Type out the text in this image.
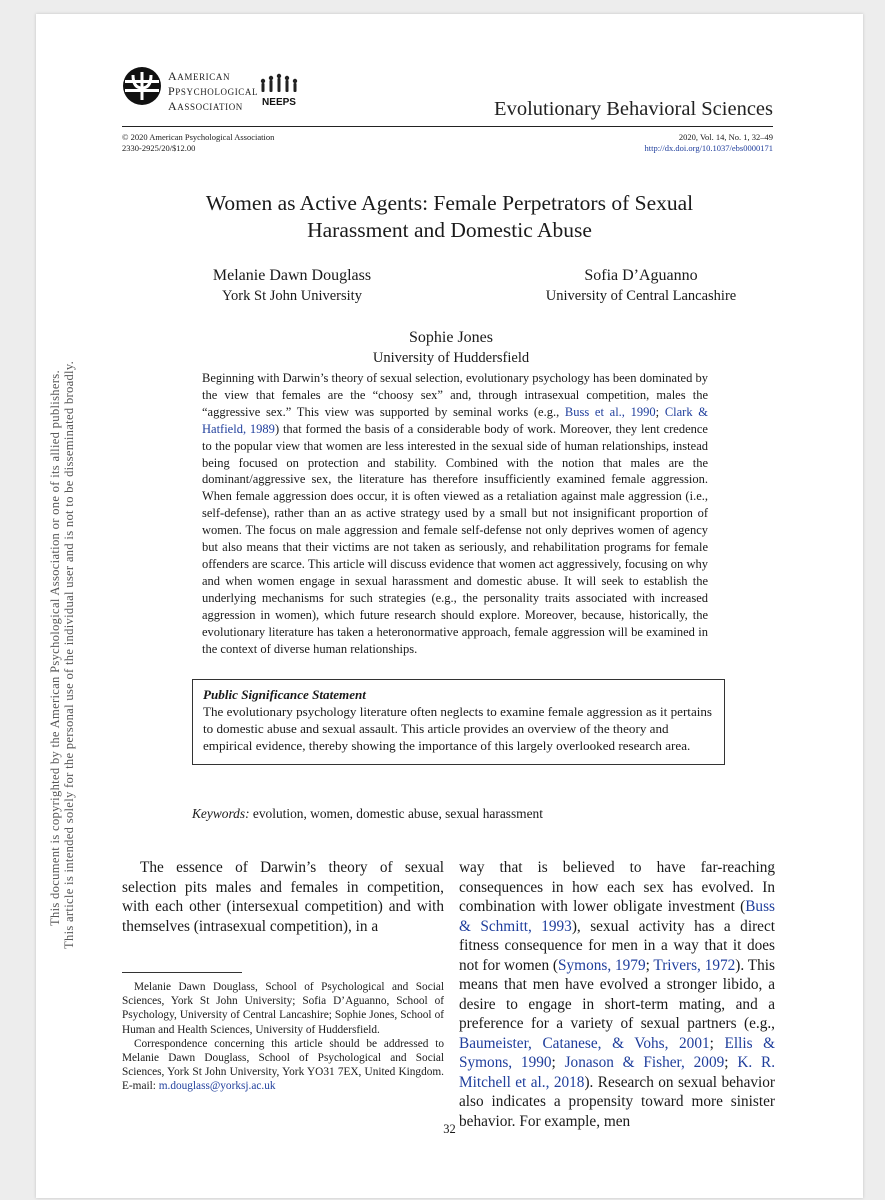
This document is copyrighted by the American Psychological Association or one of its allied publishers. This article is intended solely for the personal use of the individual user and is not to be disseminated broadly.
AAMERICAN
PPSYCHOLOGICAL
AASSOCIATION	NEEPS	Evolutionary Behavioral Sciences
© 2020 American Psychological Association
2330-2925/20/$12.00
2020, Vol. 14, No. 1, 32–49
http://dx.doi.org/10.1037/ebs0000171
Women as Active Agents: Female Perpetrators of Sexual
Harassment and Domestic Abuse
Melanie Dawn Douglass
York St John University
Sofia D’Aguanno
University of Central Lancashire
Sophie Jones
University of Huddersfield
Beginning with Darwin’s theory of sexual selection, evolutionary psychology has been dominated by the view that females are the “choosy sex” and, through intrasexual competition, males the “aggressive sex.” This view was supported by seminal works (e.g., Buss et al., 1990; Clark & Hatfield, 1989) that formed the basis of a considerable body of work. Moreover, they lent credence to the popular view that women are less interested in the sexual side of human relationships, instead being focused on protection and stability. Combined with the notion that males are the dominant/aggressive sex, the literature has therefore insufficiently examined female aggression. When female aggression does occur, it is often viewed as a retaliation against male aggression (i.e., self-defense), rather than an as active strategy used by a small but not insignificant proportion of women. The focus on male aggression and female self-defense not only deprives women of agency but also means that their victims are not taken as seriously, and rehabilitation programs for female offenders are scarce. This article will discuss evidence that women act aggressively, focusing on why and when women engage in sexual harassment and domestic abuse. It will seek to establish the underlying mechanisms for such strategies (e.g., the personality traits associated with increased aggression in women), which future research should explore. Moreover, because, historically, the evolutionary literature has taken a heteronormative approach, female aggression will be examined in the context of diverse human relationships.
Public Significance Statement
The evolutionary psychology literature often neglects to examine female aggression as it pertains to domestic abuse and sexual assault. This article provides an overview of the theory and empirical evidence, thereby showing the importance of this largely overlooked research area.
Keywords: evolution, women, domestic abuse, sexual harassment

The essence of Darwin’s theory of sexual selection pits males and females in competition, with each other (intersexual competition) and with themselves (intrasexual competition), in a

Melanie Dawn Douglass, School of Psychological and Social Sciences, York St John University; Sofia D’Aguanno, School of Psychology, University of Central Lancashire; Sophie Jones, School of Human and Health Sciences, University of Huddersfield.

Correspondence concerning this article should be addressed to Melanie Dawn Douglass, School of Psychological and Social Sciences, York St John University, York YO31 7EX, United Kingdom. E-mail: m.douglass@yorksj.ac.uk

way that is believed to have far-reaching consequences in how each sex has evolved. In combination with lower obligate investment (Buss & Schmitt, 1993), sexual activity has a direct fitness consequence for men in a way that it does not for women (Symons, 1979; Trivers, 1972). This means that men have evolved a stronger libido, a desire to engage in short-term mating, and a preference for a variety of sexual partners (e.g., Baumeister, Catanese, & Vohs, 2001; Ellis & Symons, 1990; Jonason & Fisher, 2009; K. R. Mitchell et al., 2018). Research on sexual behavior also indicates a propensity toward more sinister behavior. For example, men

32
